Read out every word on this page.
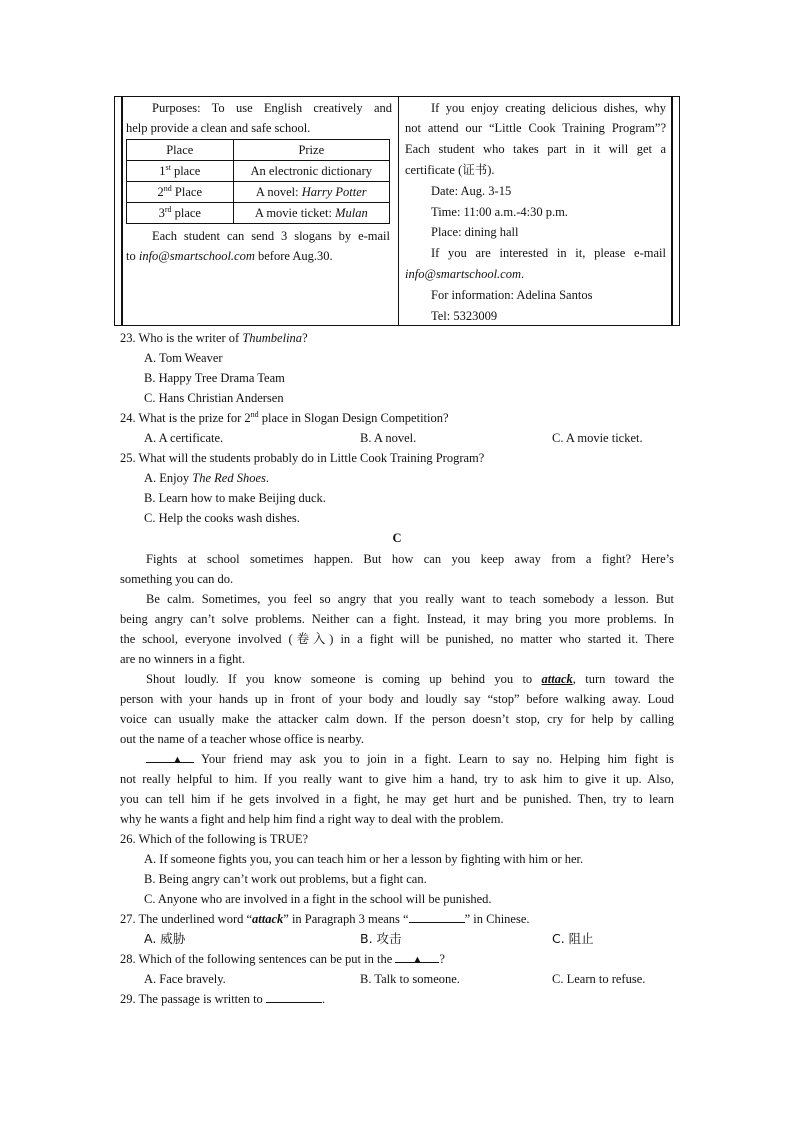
Purposes: To use English creatively and
help provide a clean and safe school.
Place	Prize
1st place	An electronic dictionary
2nd Place	A novel: Harry Potter
3rd place	A movie ticket: Mulan
Each student can send 3 slogans by e-mail
to info@smartschool.com before Aug.30.
If you enjoy creating delicious dishes, why
not attend our “Little Cook Training Program”?
Each student who takes part in it will get a
certificate (证书).
Date: Aug. 3-15
Time: 11:00 a.m.-4:30 p.m.
Place: dining hall
If you are interested in it, please e-mail
info@smartschool.com.
For information: Adelina Santos
Tel: 5323009
23. Who is the writer of Thumbelina?
A. Tom Weaver
B. Happy Tree Drama Team
C. Hans Christian Andersen
24. What is the prize for 2nd place in Slogan Design Competition?
A. A certificate.	B. A novel.	C. A movie ticket.
25. What will the students probably do in Little Cook Training Program?
A. Enjoy The Red Shoes.
B. Learn how to make Beijing duck.
C. Help the cooks wash dishes.
C
Fights at school sometimes happen. But how can you keep away from a fight? Here’s
something you can do.
Be calm. Sometimes, you feel so angry that you really want to teach somebody a lesson. But
being angry can’t solve problems. Neither can a fight. Instead, it may bring you more problems. In
the school, everyone involved (卷入) in a fight will be punished, no matter who started it. There
are no winners in a fight.
Shout loudly. If you know someone is coming up behind you to attack, turn toward the
person with your hands up in front of your body and loudly say “stop” before walking away. Loud
voice can usually make the attacker calm down. If the person doesn’t stop, cry for help by calling
out the name of a teacher whose office is nearby.
▲ Your friend may ask you to join in a fight. Learn to say no. Helping him fight is
not really helpful to him. If you really want to give him a hand, try to ask him to give it up. Also,
you can tell him if he gets involved in a fight, he may get hurt and be punished. Then, try to learn
why he wants a fight and help him find a right way to deal with the problem.
26. Which of the following is TRUE?
A. If someone fights you, you can teach him or her a lesson by fighting with him or her.
B. Being angry can’t work out problems, but a fight can.
C. Anyone who are involved in a fight in the school will be punished.
27. The underlined word “attack” in Paragraph 3 means “	” in Chinese.
A. 威胁	B. 攻击	C. 阻止
28. Which of the following sentences can be put in the ▲ ?
A. Face bravely.	B. Talk to someone.	C. Learn to refuse.
29. The passage is written to	.
